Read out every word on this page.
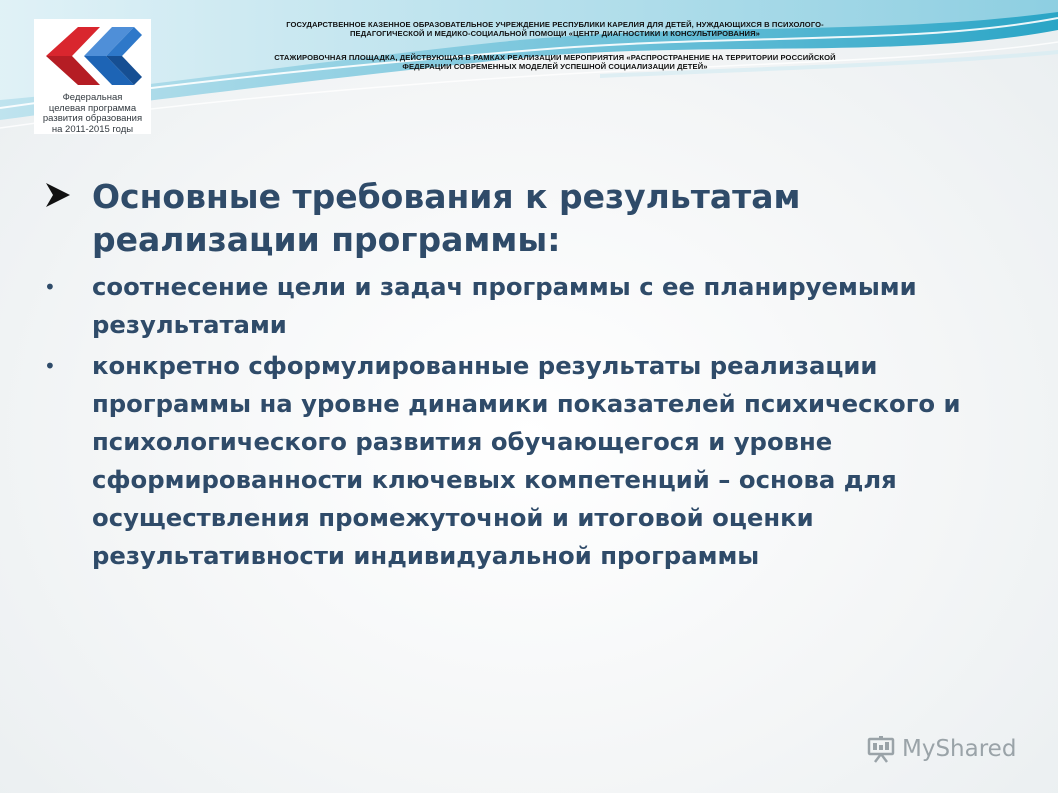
Федеральная
целевая программа
развития образования
на 2011-2015 годы
ГОСУДАРСТВЕННОЕ КАЗЕННОЕ ОБРАЗОВАТЕЛЬНОЕ УЧРЕЖДЕНИЕ РЕСПУБЛИКИ КАРЕЛИЯ ДЛЯ ДЕТЕЙ, НУЖДАЮЩИХСЯ В ПСИХОЛОГО-
ПЕДАГОГИЧЕСКОЙ И МЕДИКО-СОЦИАЛЬНОЙ ПОМОЩИ «ЦЕНТР ДИАГНОСТИКИ И КОНСУЛЬТИРОВАНИЯ»
СТАЖИРОВОЧНАЯ ПЛОЩАДКА, ДЕЙСТВУЮЩАЯ В РАМКАХ РЕАЛИЗАЦИИ МЕРОПРИЯТИЯ «РАСПРОСТРАНЕНИЕ НА ТЕРРИТОРИИ РОССИЙСКОЙ
ФЕДЕРАЦИИ СОВРЕМЕННЫХ МОДЕЛЕЙ УСПЕШНОЙ СОЦИАЛИЗАЦИИ ДЕТЕЙ»
Основные требования к результатам
реализации программы:
• соотнесение цели и задач программы с ее планируемыми
результатами
• конкретно сформулированные результаты реализации
программы на уровне динамики показателей психического и
психологического развития обучающегося и уровне
сформированности ключевых компетенций – основа для
осуществления промежуточной и итоговой оценки
результативности индивидуальной программы
MyShared
